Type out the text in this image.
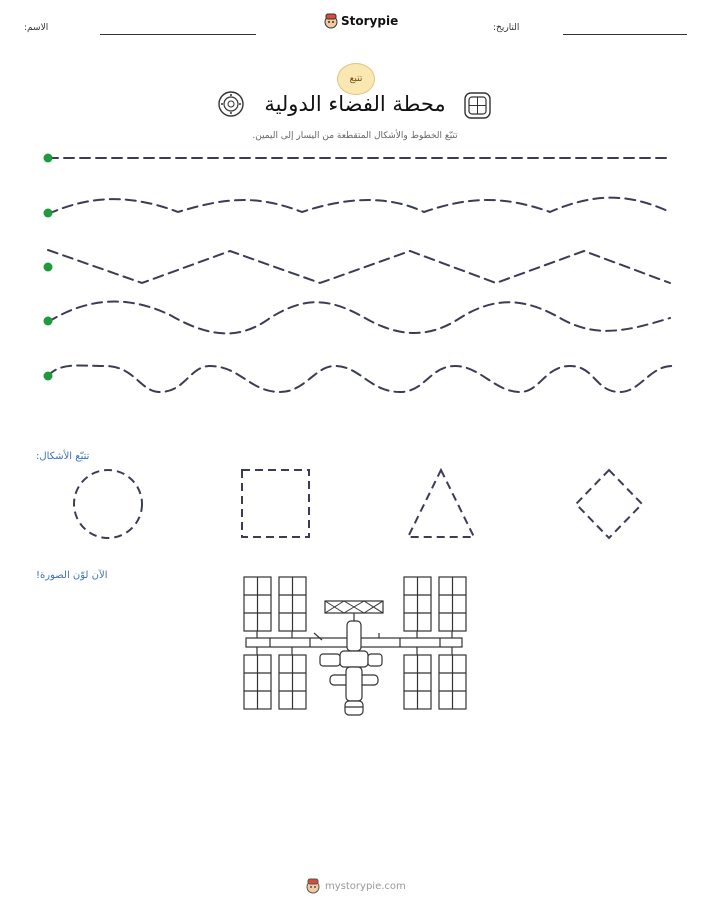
الاسم:	Storypie	التاريخ:
تتبع
محطة الفضاء الدولية
تتبّع الخطوط والأشكال المتقطعة من اليسار إلى اليمين.
تتبّع الأشكال:
الآن لوّن الصورة!
mystorypie.com
